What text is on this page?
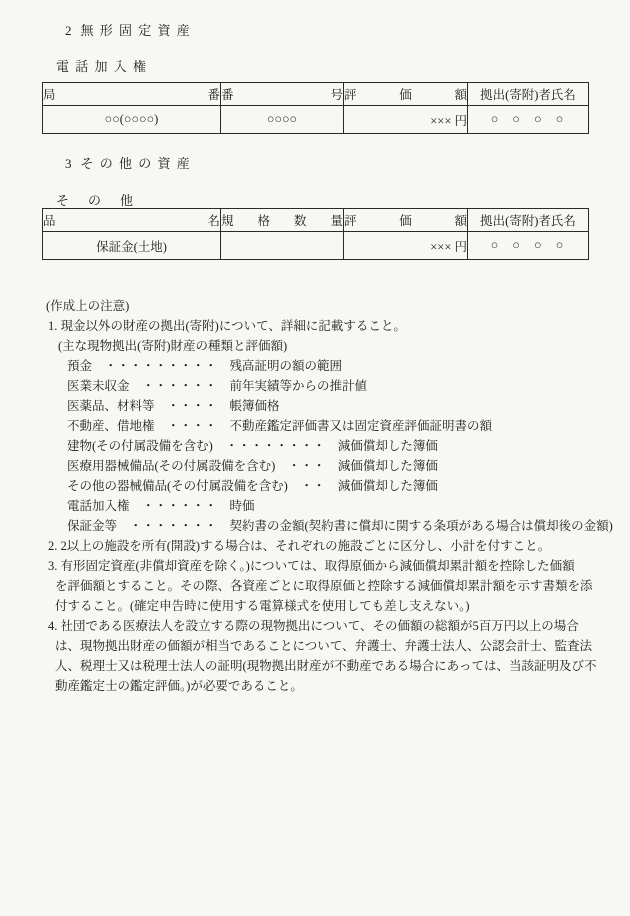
2 無 形 固 定 資 産
電 話 加 入 権
局 番	番 号	評 価 額	拠出(寄附)者氏名
○○(○○○○)	○○○○	××× 円	○ ○ ○ ○
3 そ の 他 の 資 産
そ　の　他
品 名	規 格 数 量	評 価 額	拠出(寄附)者氏名
保証金(土地)		××× 円	○ ○ ○ ○
(作成上の注意)
1. 現金以外の財産の拠出(寄附)について、詳細に記載すること。
(主な現物拠出(寄附)財産の種類と評価額)
預金　・・・・・・・・・　残高証明の額の範囲
医業未収金　・・・・・・　前年実績等からの推計値
医薬品、材料等　・・・・　帳簿価格
不動産、借地権　・・・・　不動産鑑定評価書又は固定資産評価証明書の額
建物(その付属設備を含む)　・・・・・・・・　減価償却した簿価
医療用器械備品(その付属設備を含む)　・・・　減価償却した簿価
その他の器械備品(その付属設備を含む)　・・　減価償却した簿価
電話加入権　・・・・・・　時価
保証金等　・・・・・・・　契約書の金額(契約書に償却に関する条項がある場合は償却後の金額)
2. 2以上の施設を所有(開設)する場合は、それぞれの施設ごとに区分し、小計を付すこと。
3. 有形固定資産(非償却資産を除く。)については、取得原価から減価償却累計額を控除した価額
を評価額とすること。その際、各資産ごとに取得原価と控除する減価償却累計額を示す書類を添
付すること。(確定申告時に使用する電算様式を使用しても差し支えない。)
4. 社団である医療法人を設立する際の現物拠出について、その価額の総額が5百万円以上の場合
は、現物拠出財産の価額が相当であることについて、弁護士、弁護士法人、公認会計士、監査法
人、税理士又は税理士法人の証明(現物拠出財産が不動産である場合にあっては、当該証明及び不
動産鑑定士の鑑定評価。)が必要であること。
